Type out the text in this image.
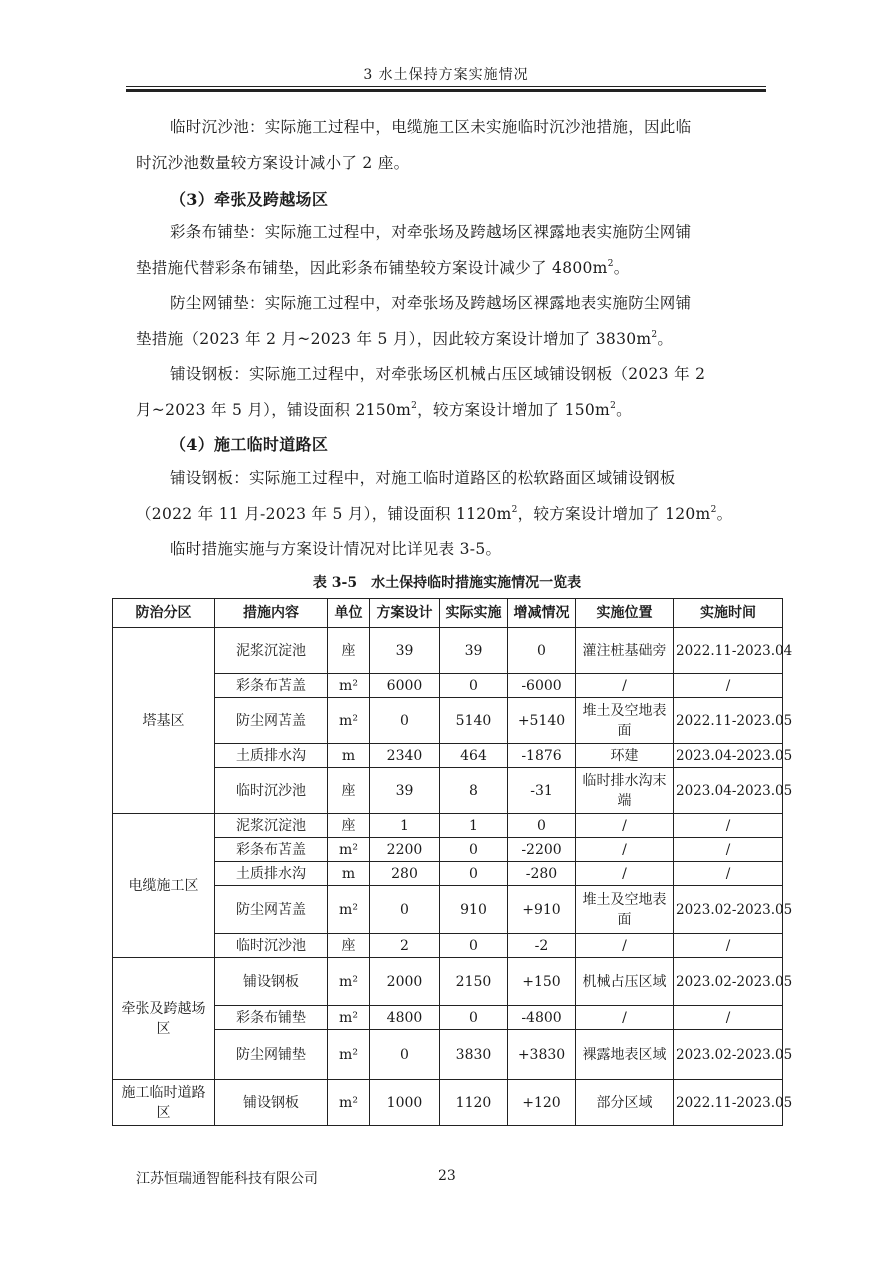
3 水土保持方案实施情况
临时沉沙池：实际施工过程中，电缆施工区未实施临时沉沙池措施，因此临
时沉沙池数量较方案设计减小了 2 座。
（3）牵张及跨越场区
彩条布铺垫：实际施工过程中，对牵张场及跨越场区裸露地表实施防尘网铺
垫措施代替彩条布铺垫，因此彩条布铺垫较方案设计减少了 $4800m^2$。
防尘网铺垫：实际施工过程中，对牵张场及跨越场区裸露地表实施防尘网铺
垫措施（2023 年 2 月~2023 年 5 月），因此较方案设计增加了 $3830m^2$。
铺设钢板：实际施工过程中，对牵张场区机械占压区域铺设钢板（2023 年 2
月~2023 年 5 月），铺设面积 $2150m^2$，较方案设计增加了 $150m^2$。
（4）施工临时道路区
铺设钢板：实际施工过程中，对施工临时道路区的松软路面区域铺设钢板
（2022 年 11 月-2023 年 5 月），铺设面积 $1120m^2$，较方案设计增加了 $120m^2$。
临时措施实施与方案设计情况对比详见表 3-5。
表 3-5　水土保持临时措施实施情况一览表
防治分区	措施内容	单位	方案设计	实际实施	增减情况	实施位置	实施时间
塔基区	泥浆沉淀池	座	39	39	0	灌注桩基础旁	2022.11-2023.04
	彩条布苫盖	m²	6000	0	-6000	/	/
	防尘网苫盖	m²	0	5140	+5140	堆土及空地表面	2022.11-2023.05
	土质排水沟	m	2340	464	-1876	环建	2023.04-2023.05
	临时沉沙池	座	39	8	-31	临时排水沟末端	2023.04-2023.05
电缆施工区	泥浆沉淀池	座	1	1	0	/	/
	彩条布苫盖	m²	2200	0	-2200	/	/
	土质排水沟	m	280	0	-280	/	/
	防尘网苫盖	m²	0	910	+910	堆土及空地表面	2023.02-2023.05
	临时沉沙池	座	2	0	-2	/	/
牵张及跨越场区	铺设钢板	m²	2000	2150	+150	机械占压区域	2023.02-2023.05
	彩条布铺垫	m²	4800	0	-4800	/	/
	防尘网铺垫	m²	0	3830	+3830	裸露地表区域	2023.02-2023.05
施工临时道路区	铺设钢板	m²	1000	1120	+120	部分区域	2022.11-2023.05
江苏恒瑞通智能科技有限公司	23
